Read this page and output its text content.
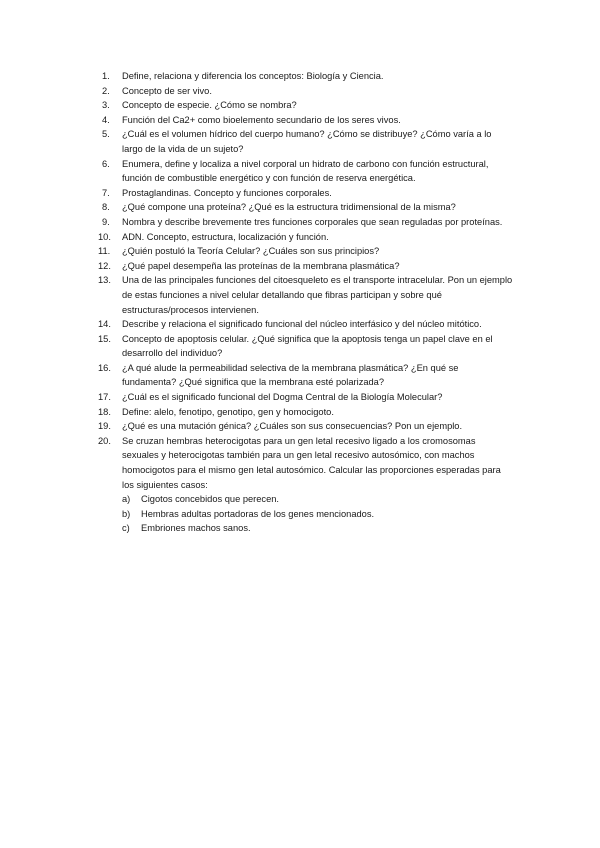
1.	Define, relaciona y diferencia los conceptos: Biología y Ciencia.
2.	Concepto de ser vivo.
3.	Concepto de especie. ¿Cómo se nombra?
4.	Función del Ca2+ como bioelemento secundario de los seres vivos.
5.	¿Cuál es el volumen hídrico del cuerpo humano? ¿Cómo se distribuye? ¿Cómo varía a lo largo de la vida de un sujeto?
6.	Enumera, define y localiza a nivel corporal un hidrato de carbono con función estructural, función de combustible energético y con función de reserva energética.
7.	Prostaglandinas. Concepto y funciones corporales.
8.	¿Qué compone una proteína? ¿Qué es la estructura tridimensional de la misma?
9.	Nombra y describe brevemente tres funciones corporales que sean reguladas por proteínas.
10.	ADN. Concepto, estructura, localización y función.
11.	¿Quién postuló la Teoría Celular? ¿Cuáles son sus principios?
12.	¿Qué papel desempeña las proteínas de la membrana plasmática?
13.	Una de las principales funciones del citoesqueleto es el transporte intracelular. Pon un ejemplo de estas funciones a nivel celular detallando que fibras participan y sobre qué estructuras/procesos intervienen.
14.	Describe y relaciona el significado funcional del núcleo interfásico y del núcleo mitótico.
15.	Concepto de apoptosis celular. ¿Qué significa que la apoptosis tenga un papel clave en el desarrollo del individuo?
16.	¿A qué alude la permeabilidad selectiva de la membrana plasmática? ¿En qué se fundamenta? ¿Qué significa que la membrana esté polarizada?
17.	¿Cuál es el significado funcional del Dogma Central de la Biología Molecular?
18.	Define: alelo, fenotipo, genotipo, gen y homocigoto.
19.	¿Qué es una mutación génica? ¿Cuáles son sus consecuencias? Pon un ejemplo.
20.	Se cruzan hembras heterocigotas para un gen letal recesivo ligado a los cromosomas sexuales y heterocigotas también para un gen letal recesivo autosómico, con machos homocigotos para el mismo gen letal autosómico. Calcular las proporciones esperadas para los siguientes casos:
a) Cigotos concebidos que perecen.
b) Hembras adultas portadoras de los genes mencionados.
c) Embriones machos sanos.
